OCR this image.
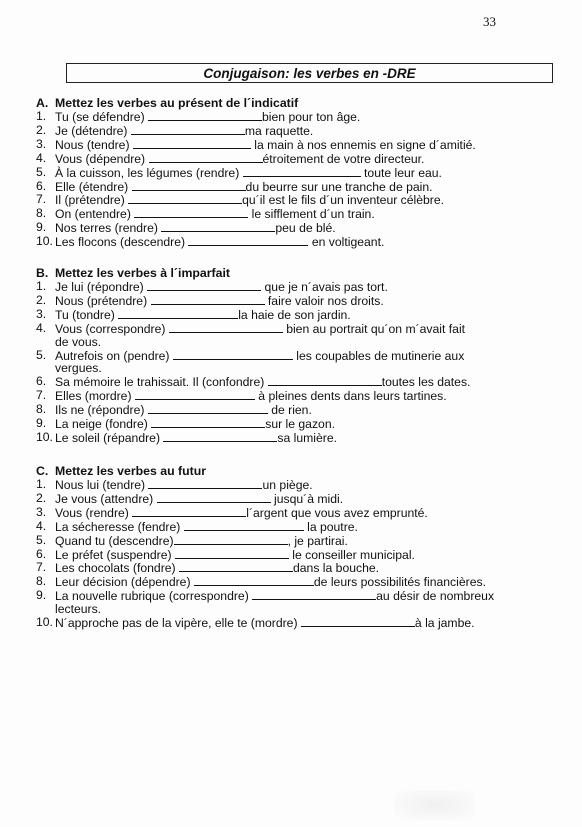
33
Conjugaison: les verbes en -DRE

A. Mettez les verbes au présent de l´indicatif

1. Tu (se défendre)	bien pour ton âge.
2. Je (détendre)	ma raquette.
3. Nous (tendre)	la main à nos ennemis en signe d´amitié.
4. Vous (dépendre)	étroitement de votre directeur.
5. À la cuisson, les légumes (rendre)	toute leur eau.
6. Elle (étendre)	du beurre sur une tranche de pain.
7. Il (prétendre)	qu´il est le fils d´un inventeur célèbre.
8. On (entendre)	le sifflement d´un train.
9. Nos terres (rendre)	peu de blé.
10. Les flocons (descendre)	en voltigeant.

B. Mettez les verbes à l´imparfait

1. Je lui (répondre)	que je n´avais pas tort.
2. Nous (prétendre)	faire valoir nos droits.
3. Tu (tondre)	la haie de son jardin.
4. Vous (correspondre)	bien au portrait qu´on m´avait fait
de vous.
5. Autrefois on (pendre)	les coupables de mutinerie aux
vergues.
6. Sa mémoire le trahissait. Il (confondre)	toutes les dates.
7. Elles (mordre)	à pleines dents dans leurs tartines.
8. Ils ne (répondre)	de rien.
9. La neige (fondre)	sur le gazon.
10. Le soleil (répandre)	sa lumière.

C. Mettez les verbes au futur

1. Nous lui (tendre)	un piège.
2. Je vous (attendre)	jusqu´à midi.
3. Vous (rendre)	l´argent que vous avez emprunté.
4. La sécheresse (fendre)	la poutre.
5. Quand tu (descendre)	, je partirai.
6. Le préfet (suspendre)	le conseiller municipal.
7. Les chocolats (fondre)	dans la bouche.
8. Leur décision (dépendre)	de leurs possibilités financières.
9. La nouvelle rubrique (correspondre)	au désir de nombreux
lecteurs.
10. N´approche pas de la vipère, elle te (mordre)	à la jambe.
